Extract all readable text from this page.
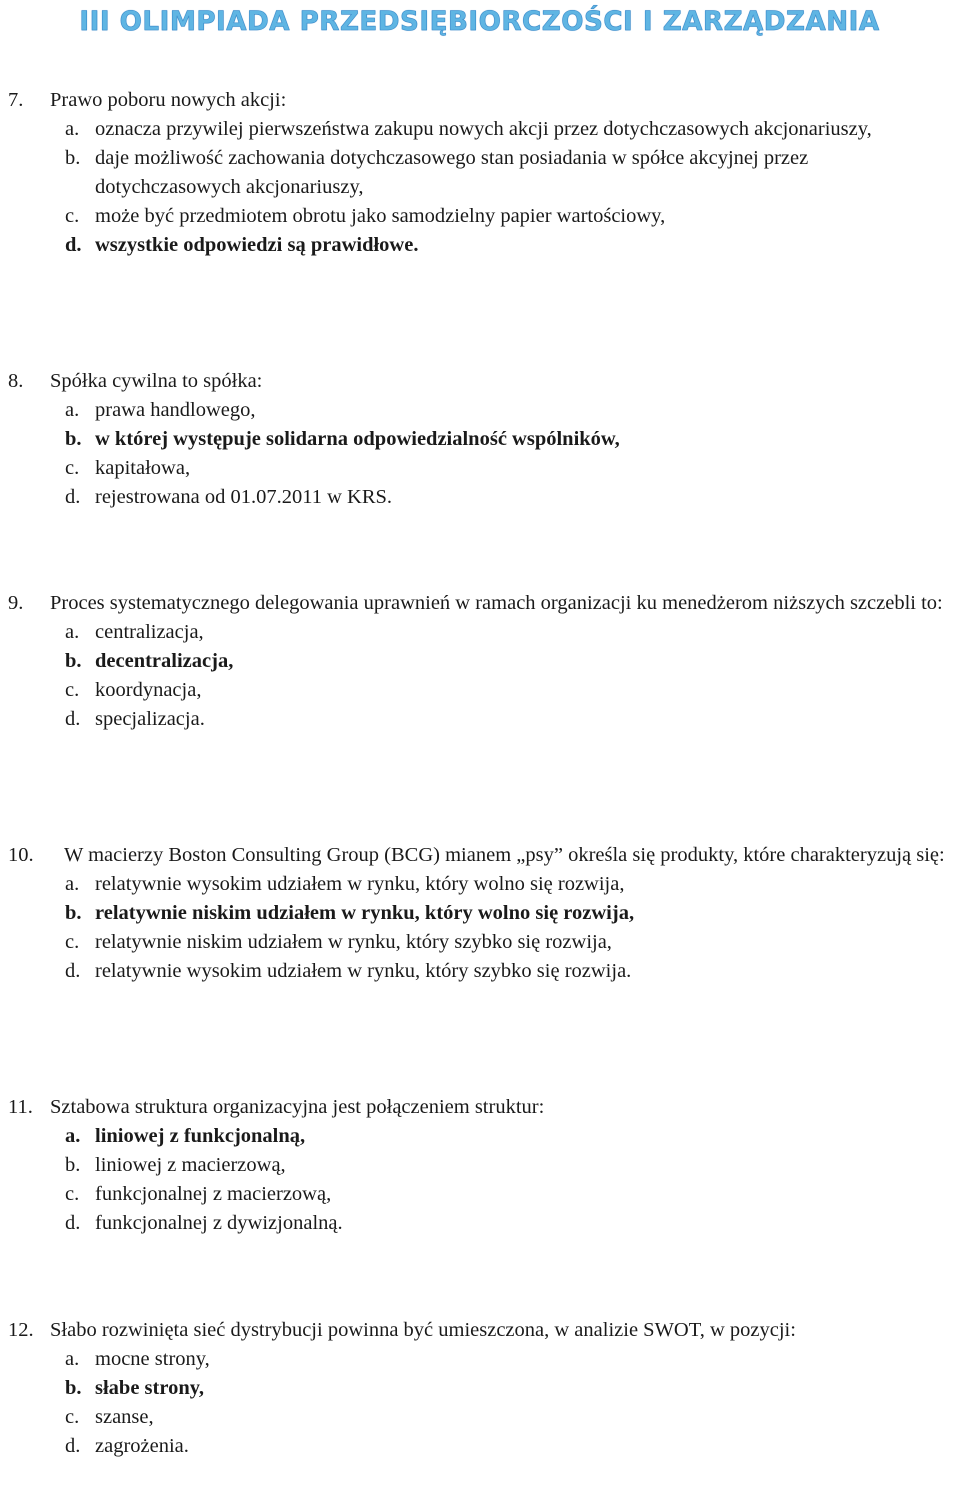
III OLIMPIADA PRZEDSIĘBIORCZOŚCI I ZARZĄDZANIA
7.	Prawo poboru nowych akcji:
a. oznacza przywilej pierwszeństwa zakupu nowych akcji przez dotychczasowych akcjonariuszy,
b. daje możliwość zachowania dotychczasowego stan posiadania w spółce akcyjnej przez dotychczasowych akcjonariuszy,
c. może być przedmiotem obrotu jako samodzielny papier wartościowy,
d. wszystkie odpowiedzi są prawidłowe.
8.	Spółka cywilna to spółka:
a. prawa handlowego,
b. w której występuje solidarna odpowiedzialność wspólników,
c. kapitałowa,
d. rejestrowana od 01.07.2011 w KRS.
9.	Proces systematycznego delegowania uprawnień w ramach organizacji ku menedżerom niższych szczebli to:
a. centralizacja,
b. decentralizacja,
c. koordynacja,
d. specjalizacja.
10.	W macierzy Boston Consulting Group (BCG) mianem „psy” określa się produkty, które charakteryzują się:
a. relatywnie wysokim udziałem w rynku, który wolno się rozwija,
b. relatywnie niskim udziałem w rynku, który wolno się rozwija,
c. relatywnie niskim udziałem w rynku, który szybko się rozwija,
d. relatywnie wysokim udziałem w rynku, który szybko się rozwija.
11. Sztabowa struktura organizacyjna jest połączeniem struktur:
a. liniowej z funkcjonalną,
b. liniowej z macierzową,
c. funkcjonalnej z macierzową,
d. funkcjonalnej z dywizjonalną.
12. Słabo rozwinięta sieć dystrybucji powinna być umieszczona, w analizie SWOT, w pozycji:
a. mocne strony,
b. słabe strony,
c. szanse,
d. zagrożenia.
